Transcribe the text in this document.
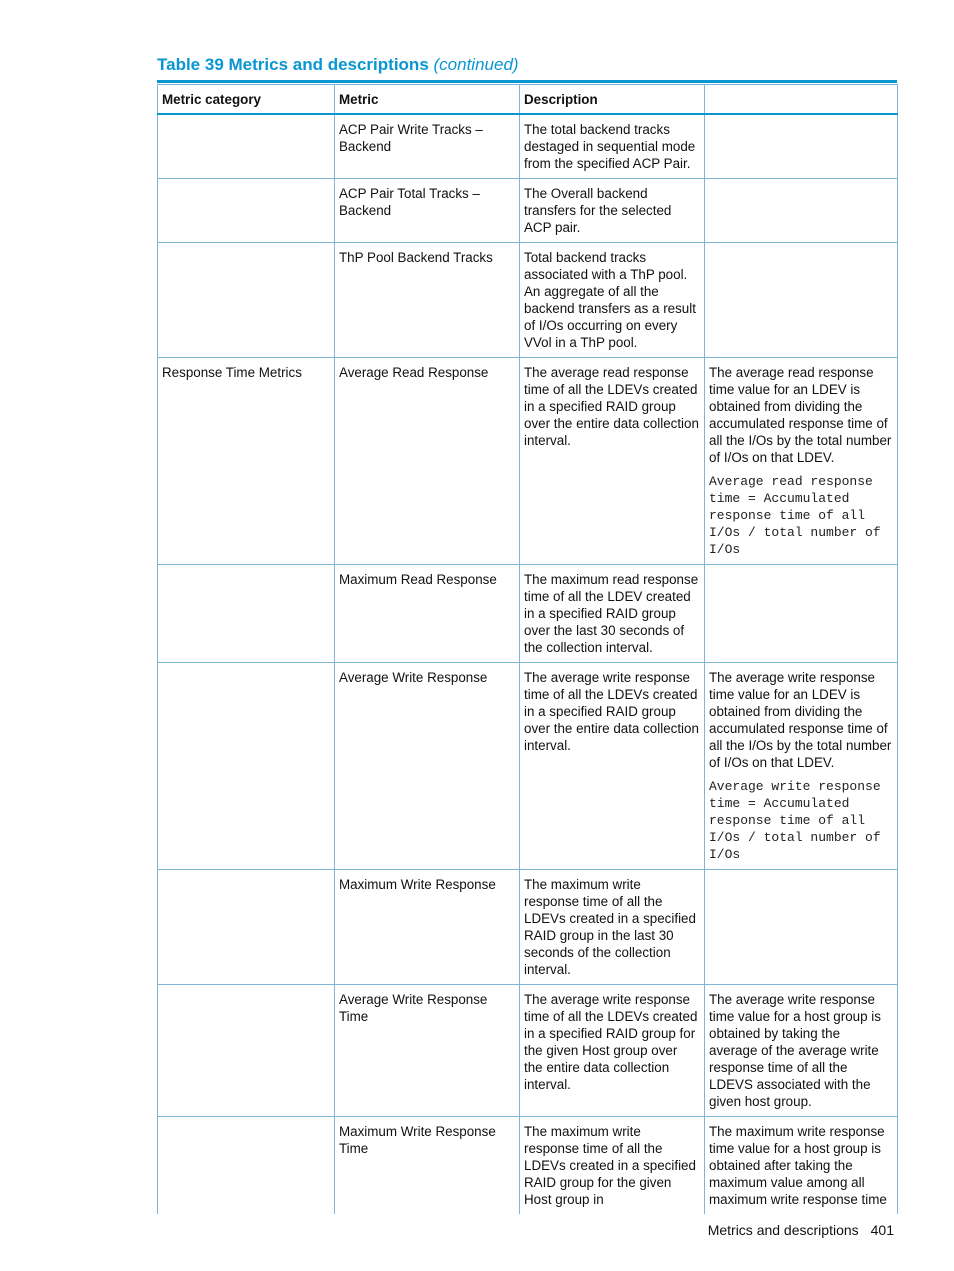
Table 39 Metrics and descriptions (continued)
Metric category	Metric	Description	

	ACP Pair Write Tracks – Backend	The total backend tracks destaged in sequential mode from the specified ACP Pair.	

	ACP Pair Total Tracks – Backend	The Overall backend transfers for the selected ACP pair.	

	ThP Pool Backend Tracks	Total backend tracks associated with a ThP pool. An aggregate of all the backend transfers as a result of I/Os occurring on every VVol in a ThP pool.	

Response Time Metrics	Average Read Response	The average read response time of all the LDEVs created in a specified RAID group over the entire data collection interval.	The average read response time value for an LDEV is obtained from dividing the accumulated response time of all the I/Os by the total number of I/Os on that LDEV.
Average read response time = Accumulated response time of all I/Os / total number of I/Os

	Maximum Read Response	The maximum read response time of all the LDEV created in a specified RAID group over the last 30 seconds of the collection interval.	

	Average Write Response	The average write response time of all the LDEVs created in a specified RAID group over the entire data collection interval.	The average write response time value for an LDEV is obtained from dividing the accumulated response time of all the I/Os by the total number of I/Os on that LDEV.
Average write response time = Accumulated response time of all I/Os / total number of I/Os

	Maximum Write Response	The maximum write response time of all the LDEVs created in a specified RAID group in the last 30 seconds of the collection interval.	

	Average Write Response Time	The average write response time of all the LDEVs created in a specified RAID group for the given Host group over the entire data collection interval.	The average write response time value for a host group is obtained by taking the average of the average write response time of all the LDEVS associated with the given host group.

	Maximum Write Response Time	The maximum write response time of all the LDEVs created in a specified RAID group for the given Host group in	The maximum write response time value for a host group is obtained after taking the maximum value among all maximum write response time
Metrics and descriptions 401
